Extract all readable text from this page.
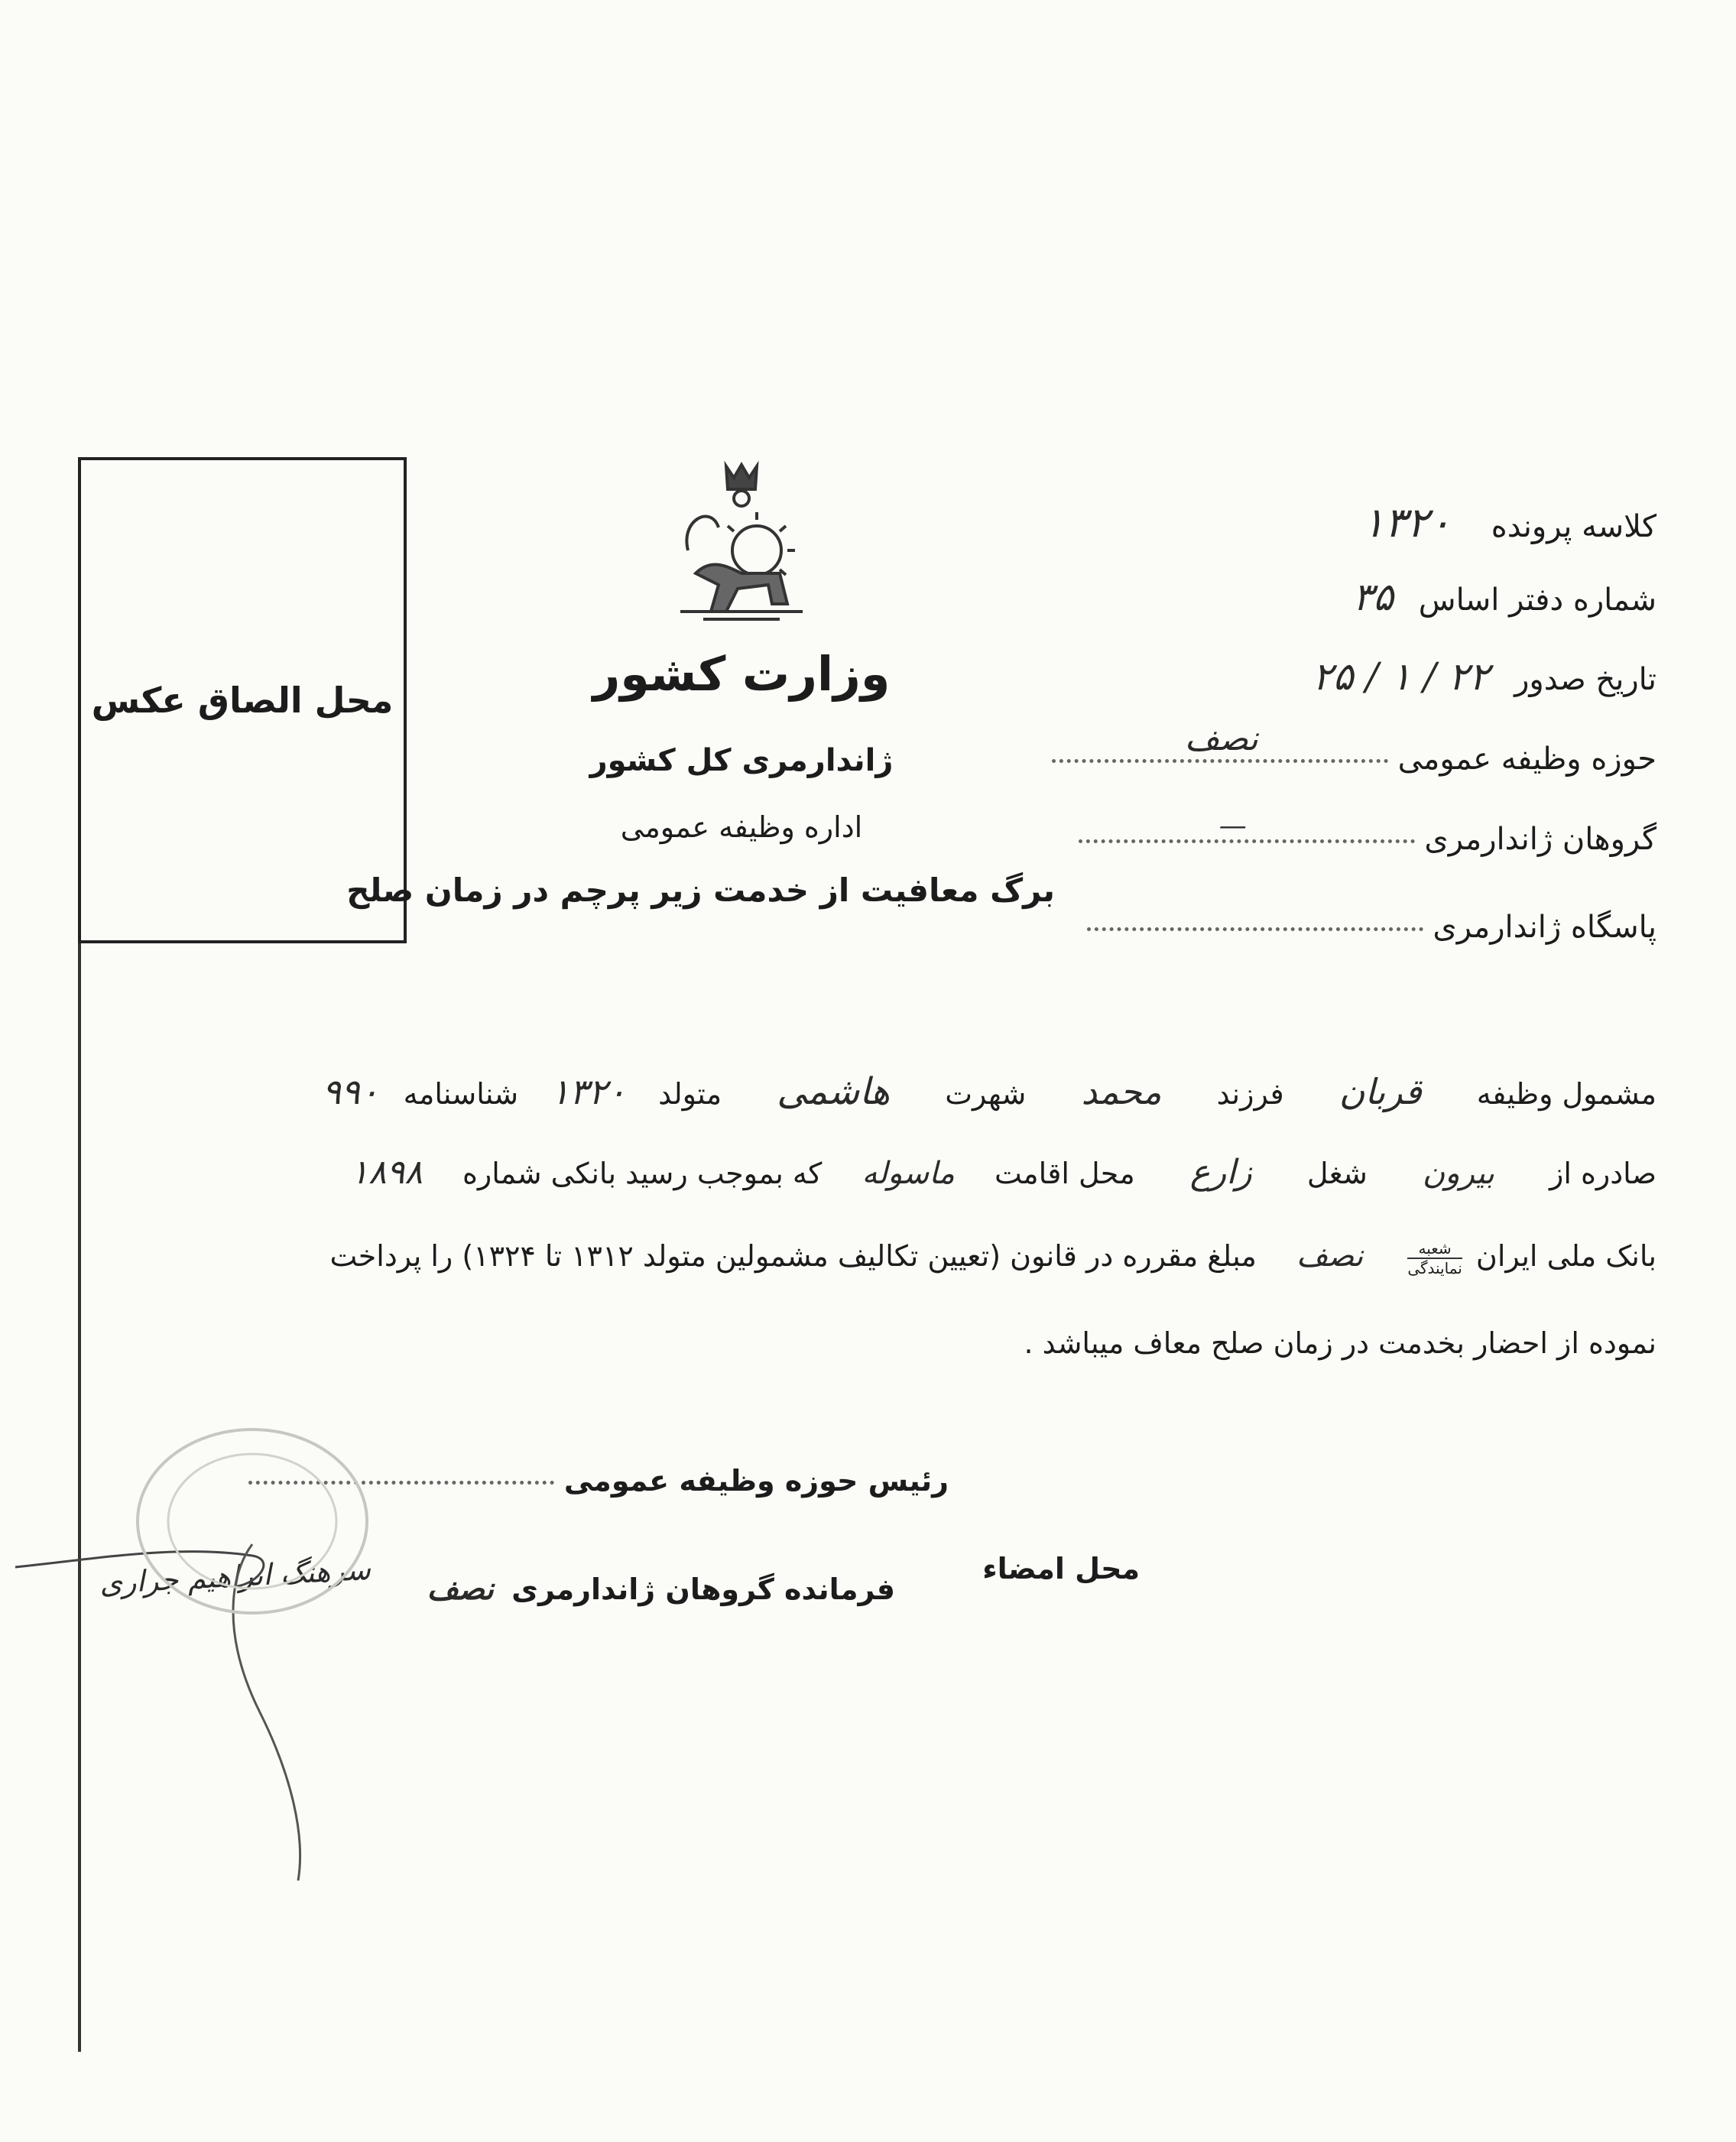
محل الصاق عکس	وزارت کشور
ژاندارمری کل کشور
اداره وظیفه عمومی
برگ معافیت از خدمت زیر پرچم در زمان صلح
کلاسه پرونده ۱۳۲۰
شماره دفتر اساس ۳۵
تاریخ صدور ۲۲ / ۱ / ۲۵
حوزه وظیفه عمومی
نصف
گروهان ژاندارمری
—
پاسگاه ژاندارمری
مشمول وظیفه قربان فرزند محمد شهرت هاشمی متولد ۱۳۲۰ شناسنامه ۹۹۰
صادره از بیرون شغل زارع محل اقامت ماسوله که بموجب رسید بانکی شماره ۱۸۹۸
بانک ملی ایران
شعبه
نمایندگی
نصف مبلغ مقرره در قانون (تعیین تکالیف مشمولین متولد ۱۳۱۲ تا ۱۳۲۴) را پرداخت
نموده از احضار بخدمت در زمان صلح معاف میباشد .
رئیس حوزه وظیفه عمومی
محل امضاء
فرمانده گروهان ژاندارمری نصف
سرهنگ ابراهیم جراری
